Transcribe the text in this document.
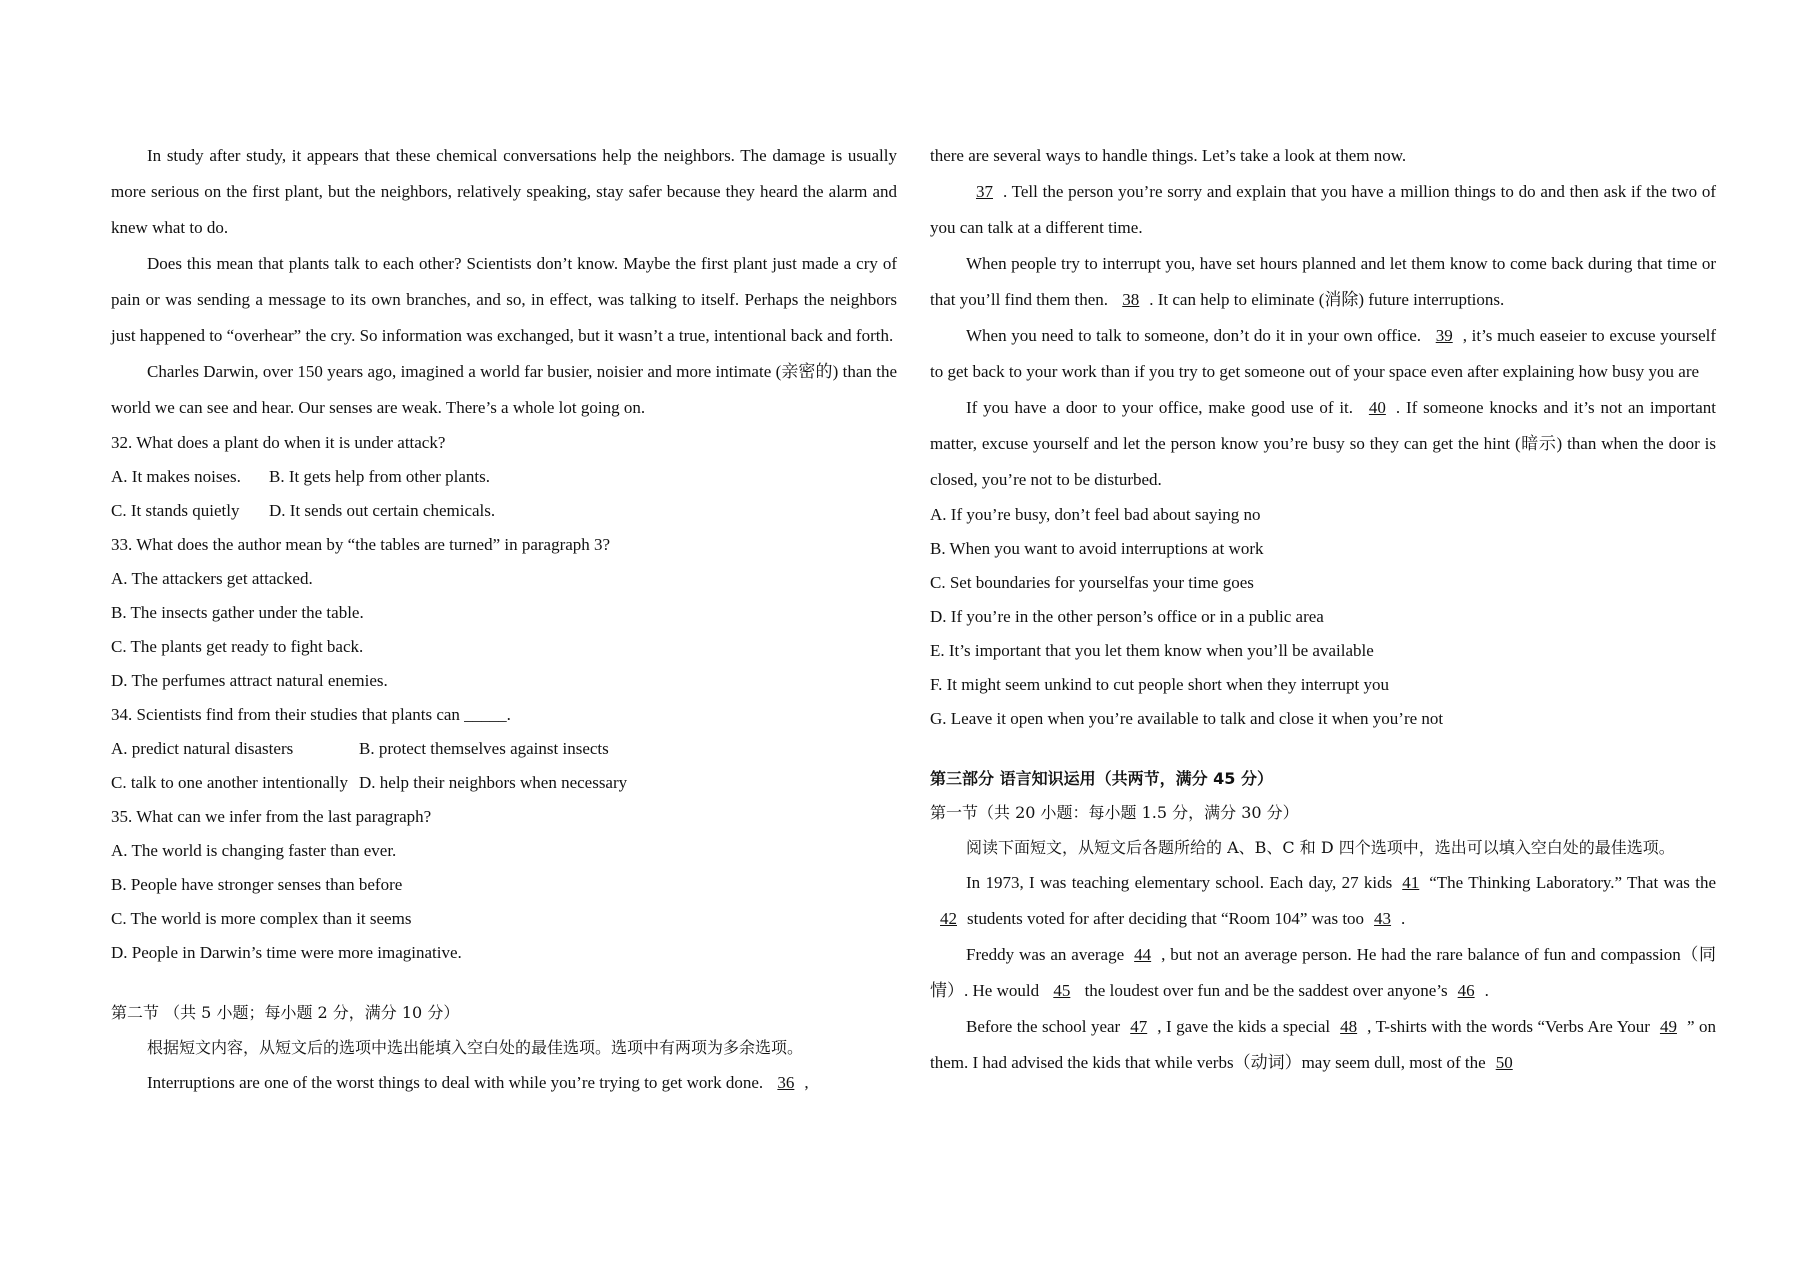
In study after study, it appears that these chemical conversations help the neighbors. The damage is usually more serious on the first plant, but the neighbors, relatively speaking, stay safer because they heard the alarm and knew what to do.

Does this mean that plants talk to each other? Scientists don’t know. Maybe the first plant just made a cry of pain or was sending a message to its own branches, and so, in effect, was talking to itself. Perhaps the neighbors just happened to “overhear” the cry. So information was exchanged, but it wasn’t a true, intentional back and forth.

Charles Darwin, over 150 years ago, imagined a world far busier, noisier and more intimate (亲密的) than the world we can see and hear. Our senses are weak. There’s a whole lot going on.

32. What does a plant do when it is under attack?

A. It makes noises. B. It gets help from other plants.

C. It stands quietly D. It sends out certain chemicals.

33. What does the author mean by “the tables are turned” in paragraph 3?

A. The attackers get attacked.

B. The insects gather under the table.

C. The plants get ready to fight back.

D. The perfumes attract natural enemies.

34. Scientists find from their studies that plants can _____.

A. predict natural disasters	B. protect themselves against insects

C. talk to one another intentionally D. help their neighbors when necessary

35. What can we infer from the last paragraph?

A. The world is changing faster than ever.

B. People have stronger senses than before

C. The world is more complex than it seems

D. People in Darwin’s time were more imaginative.

第二节 （共 5 小题；每小题 2 分，满分 10 分）

根据短文内容，从短文后的选项中选出能填入空白处的最佳选项。选项中有两项为多余选项。

Interruptions are one of the worst things to deal with while you’re trying to get work done. 36 ,

there are several ways to handle things. Let’s take a look at them now.

37 . Tell the person you’re sorry and explain that you have a million things to do and then ask if the two of you can talk at a different time.

When people try to interrupt you, have set hours planned and let them know to come back during that time or that you’ll find them then. 38 . It can help to eliminate (消除) future interruptions.

When you need to talk to someone, don’t do it in your own office. 39 , it’s much easeier to excuse yourself to get back to your work than if you try to get someone out of your space even after explaining how busy you are

If you have a door to your office, make good use of it. 40 . If someone knocks and it’s not an important matter, excuse yourself and let the person know you’re busy so they can get the hint (暗示) than when the door is closed, you’re not to be disturbed.

A. If you’re busy, don’t feel bad about saying no

B. When you want to avoid interruptions at work

C. Set boundaries for yourselfas your time goes

D. If you’re in the other person’s office or in a public area

E. It’s important that you let them know when you’ll be available

F. It might seem unkind to cut people short when they interrupt you

G. Leave it open when you’re available to talk and close it when you’re not

第三部分 语言知识运用（共两节，满分 45 分）

第一节（共 20 小题：每小题 1.5 分，满分 30 分）

阅读下面短文，从短文后各题所给的 A、B、C 和 D 四个选项中，选出可以填入空白处的最佳选项。

In 1973, I was teaching elementary school. Each day, 27 kids 41 “The Thinking Laboratory.” That was the 42 students voted for after deciding that “Room 104” was too 43 .

Freddy was an average 44 , but not an average person. He had the rare balance of fun and compassion（同情）. He would 45 the loudest over fun and be the saddest over anyone’s 46 .

Before the school year 47 , I gave the kids a special 48 , T-shirts with the words “Verbs Are Your 49 ” on them. I had advised the kids that while verbs（动词）may seem dull, most of the 50
